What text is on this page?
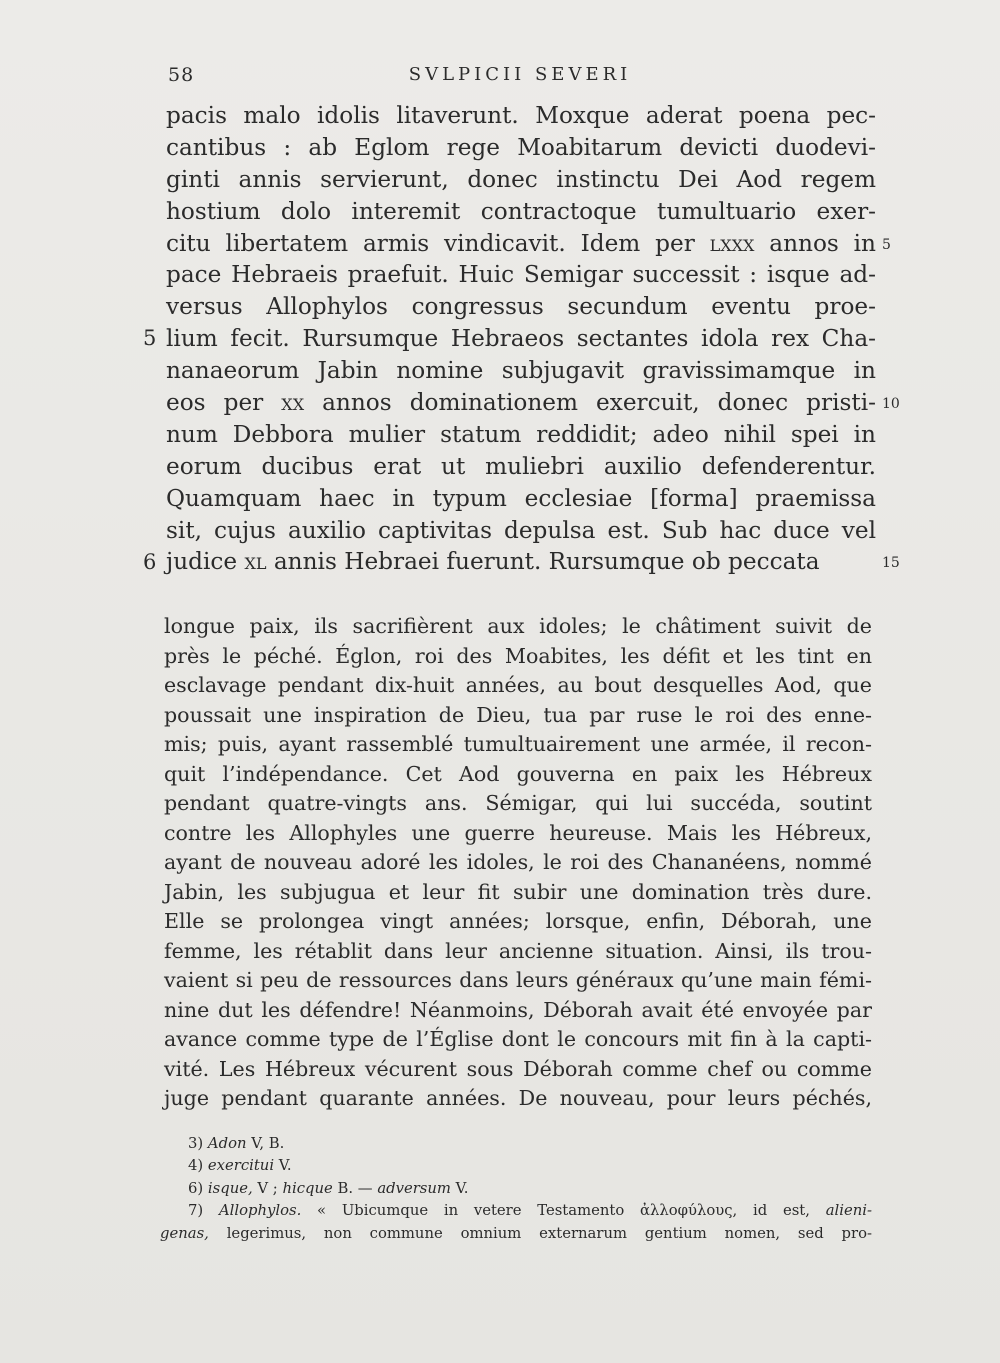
58	SVLPICII SEVERI
pacis malo idolis litaverunt. Moxque aderat poena pec-
cantibus : ab Eglom rege Moabitarum devicti duodevi-
ginti annis servierunt, donec instinctu Dei Aod regem
hostium dolo interemit contractoque tumultuario exer-
citu libertatem armis vindicavit. Idem per lxxx annos in
pace Hebraeis praefuit. Huic Semigar successit : isque ad-
versus Allophylos congressus secundum eventu proe-
lium fecit. Rursumque Hebraeos sectantes idola rex Cha-
nanaeorum Jabin nomine subjugavit gravissimamque in
eos per xx annos dominationem exercuit, donec pristi-
num Debbora mulier statum reddidit; adeo nihil spei in
eorum ducibus erat ut muliebri auxilio defenderentur.
Quamquam haec in typum ecclesiae [forma] praemissa
sit, cujus auxilio captivitas depulsa est. Sub hac duce vel
judice xl annis Hebraei fuerunt. Rursumque ob peccata
5
6
5
10
15
longue paix, ils sacrifièrent aux idoles; le châtiment suivit de
près le péché. Églon, roi des Moabites, les défit et les tint en
esclavage pendant dix-huit années, au bout desquelles Aod, que
poussait une inspiration de Dieu, tua par ruse le roi des enne-
mis; puis, ayant rassemblé tumultuairement une armée, il recon-
quit l’indépendance. Cet Aod gouverna en paix les Hébreux
pendant quatre-vingts ans. Sémigar, qui lui succéda, soutint
contre les Allophyles une guerre heureuse. Mais les Hébreux,
ayant de nouveau adoré les idoles, le roi des Chananéens, nommé
Jabin, les subjugua et leur fit subir une domination très dure.
Elle se prolongea vingt années; lorsque, enfin, Déborah, une
femme, les rétablit dans leur ancienne situation. Ainsi, ils trou-
vaient si peu de ressources dans leurs généraux qu’une main fémi-
nine dut les défendre! Néanmoins, Déborah avait été envoyée par
avance comme type de l’Église dont le concours mit fin à la capti-
vité. Les Hébreux vécurent sous Déborah comme chef ou comme
juge pendant quarante années. De nouveau, pour leurs péchés,
3) Adon V, B.
4) exercitui V.
6) isque, V ; hicque B. — adversum V.
7) Allophylos. « Ubicumque in vetere Testamento ἀλλοφύλους, id est, alieni-
genas, legerimus, non commune omnium externarum gentium nomen, sed pro-
